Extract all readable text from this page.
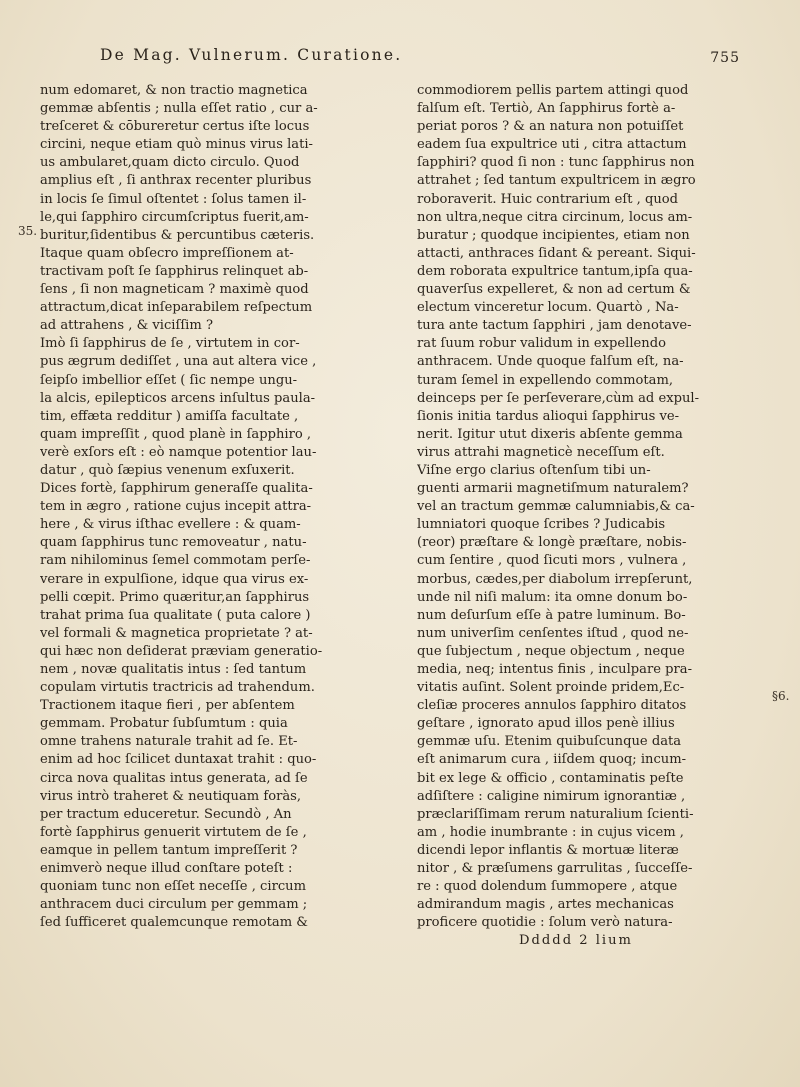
De Mag. Vulnerum. Curatione.	755
35.
§6.
num edomaret, & non tractio magnetica
gemmæ abſentis ; nulla eſſet ratio , cur a-
treſceret & cōbureretur certus iſte locus
circini, neque etiam quò minus virus lati-
us ambularet,quam dicto circulo. Quod
amplius eſt , ſi anthrax recenter pluribus
in locis ſe ſimul oſtentet : ſolus tamen il-
le,qui ſapphiro circumſcriptus fuerit,am-
buritur,ſidentibus & percuntibus cæteris.
Itaque quam obſecro impreſſionem at-
tractivam poſt ſe ſapphirus relinquet ab-
ſens , ſi non magneticam ? maximè quod
attractum,dicat inſeparabilem reſpectum
ad attrahens , & viciſſim ?
Imò ſi ſapphirus de ſe , virtutem in cor-
pus ægrum dediſſet , una aut altera vice ,
ſeipſo imbellior eſſet ( ſic nempe ungu-
la alcis, epilepticos arcens inſultus paula-
tim, effæta redditur ) amiſſa facultate ,
quam impreſſit , quod planè in ſapphiro ,
verè exſors eſt : eò namque potentior lau-
datur , quò ſæpius venenum exſuxerit.
Dices fortè, ſapphirum generaſſe qualita-
tem in ægro , ratione cujus incepit attra-
here , & virus iſthac evellere : & quam-
quam ſapphirus tunc removeatur , natu-
ram nihilominus ſemel commotam perſe-
verare in expulſione, idque qua virus ex-
pelli cœpit. Primo quæritur,an ſapphirus
trahat prima ſua qualitate ( puta calore )
vel formali & magnetica proprietate ? at-
qui hæc non deſiderat præviam generatio-
nem , novæ qualitatis intus : ſed tantum
copulam virtutis tractricis ad trahendum.
Tractionem itaque fieri , per abſentem
gemmam. Probatur ſubſumtum : quia
omne trahens naturale trahit ad ſe. Et-
enim ad hoc ſcilicet duntaxat trahit : quo-
circa nova qualitas intus generata, ad ſe
virus intrò traheret & neutiquam foràs,
per tractum educeretur. Secundò , An
fortè ſapphirus genuerit virtutem de ſe ,
eamque in pellem tantum impreſſerit ?
enimverò neque illud conſtare poteſt :
quoniam tunc non eſſet neceſſe , circum
anthracem duci circulum per gemmam ;
ſed ſufficeret qualemcunque remotam &
commodiorem pellis partem attingi quod
falſum eſt. Tertiò, An ſapphirus fortè a-
periat poros ? & an natura non potuiſſet
eadem ſua expultrice uti , citra attactum
ſapphiri? quod ſi non : tunc ſapphirus non
attrahet ; ſed tantum expultricem in ægro
roboraverit. Huic contrarium eſt , quod
non ultra,neque citra circinum, locus am-
buratur ; quodque incipientes, etiam non
attacti, anthraces ſidant & pereant. Siqui-
dem roborata expultrice tantum,ipſa qua-
quaverſus expelleret, & non ad certum &
electum vinceretur locum. Quartò , Na-
tura ante tactum ſapphiri , jam denotave-
rat ſuum robur validum in expellendo
anthracem. Unde quoque falſum eſt, na-
turam ſemel in expellendo commotam,
deinceps per ſe perſeverare,cùm ad expul-
ſionis initia tardus alioqui ſapphirus ve-
nerit. Igitur utut dixeris abſente gemma
virus attrahi magneticè neceſſum eſt.
Viſne ergo clarius oſtenſum tibi un-
guenti armarii magnetiſmum naturalem?
vel an tractum gemmæ calumniabis,& ca-
lumniatori quoque ſcribes ? Judicabis
(reor) præſtare & longè præſtare, nobis-
cum ſentire , quod ſicuti mors , vulnera ,
morbus, cædes,per diabolum irrepſerunt,
unde nil niſi malum: ita omne donum bo-
num deſurſum eſſe à patre luminum. Bo-
num univerſim cenſentes iſtud , quod ne-
que ſubjectum , neque objectum , neque
media, neq; intentus finis , inculpare pra-
vitatis auſint. Solent proinde pridem,Ec-
cleſiæ proceres annulos ſapphiro ditatos
geſtare , ignorato apud illos penè illius
gemmæ uſu. Etenim quibuſcunque data
eſt animarum cura , iiſdem quoq; incum-
bit ex lege & officio , contaminatis peſte
adſiſtere : caligine nimirum ignorantiæ ,
præclariſſimam rerum naturalium ſcienti-
am , hodie inumbrante : in cujus vicem ,
dicendi lepor inflantis & mortuæ literæ
nitor , & præſumens garrulitas , ſucceſſe-
re : quod dolendum ſummopere , atque
admirandum magis , artes mechanicas
proficere quotidie : ſolum verò natura-
Ddddd 2 lium
